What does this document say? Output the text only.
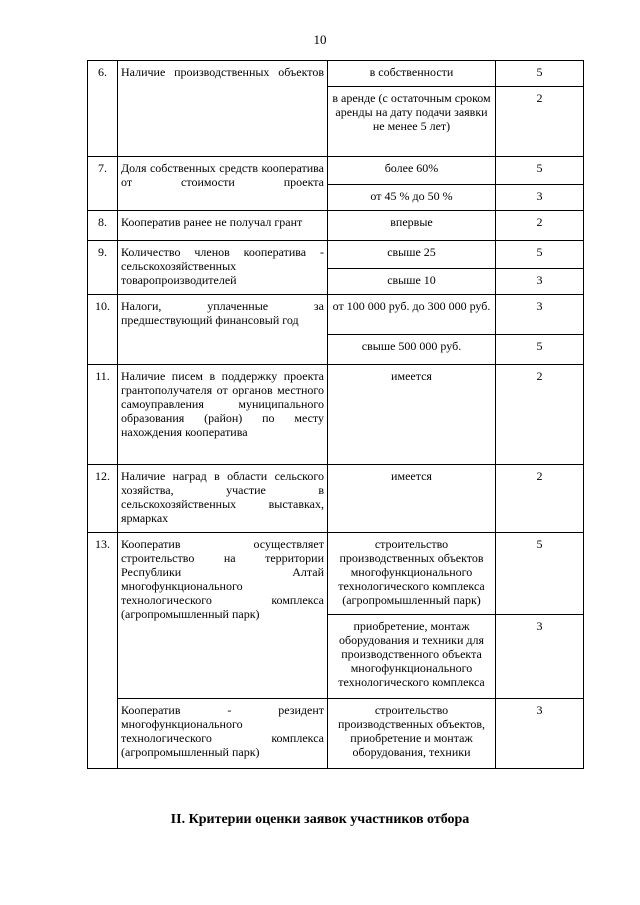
10
6.	Наличие производственных объектов	в собственности	5
		в аренде (с остаточным сроком аренды на дату подачи заявки не менее 5 лет)	2
7.	Доля собственных средств кооператива от стоимости проекта	более 60%	5
		от 45 % до 50 %	3
8.	Кооператив ранее не получал грант	впервые	2
9.	Количество членов кооператива - сельскохозяйственных товаропроизводителей	свыше 25	5
		свыше 10	3
10.	Налоги, уплаченные за предшествующий финансовый год	от 100 000 руб. до 300 000 руб.	3
		свыше 500 000 руб.	5
11.	Наличие писем в поддержку проекта грантополучателя от органов местного самоуправления муниципального образования (район) по месту нахождения кооператива	имеется	2
12.	Наличие наград в области сельского хозяйства, участие в сельскохозяйственных выставках, ярмарках	имеется	2
13.	Кооператив осуществляет строительство на территории Республики Алтай многофункционального технологического комплекса (агропромышленный парк)	строительство производственных объектов многофункционального технологического комплекса (агропромышленный парк)	5
		приобретение, монтаж оборудования и техники для производственного объекта многофункционального технологического комплекса	3
	Кооператив - резидент многофункционального технологического комплекса (агропромышленный парк)	строительство производственных объектов, приобретение и монтаж оборудования, техники	3
II. Критерии оценки заявок участников отбора
